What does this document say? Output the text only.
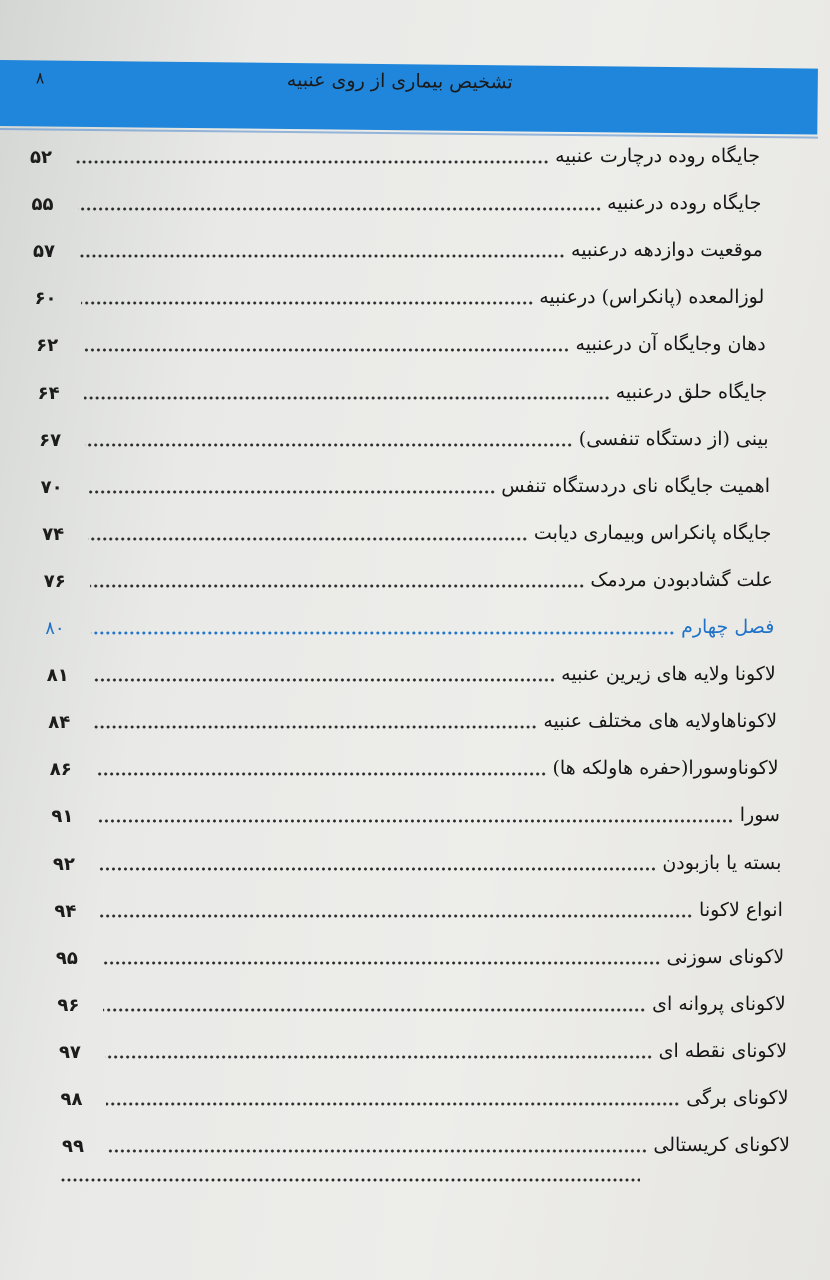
۸	تشخیص بیماری از روی عنبیه
جایگاه روده درچارت عنبیه
۵۲
جایگاه روده درعنبیه
۵۵
موقعیت دوازدهه درعنبیه
۵۷
لوزالمعده (پانکراس) درعنبیه
۶۰
دهان وجایگاه آن درعنبیه
۶۲
جایگاه حلق درعنبیه
۶۴
بینی (از دستگاه تنفسی)
۶۷
اهمیت جایگاه نای دردستگاه تنفس
۷۰
جایگاه پانکراس وبیماری دیابت
۷۴
علت گشادبودن مردمک
۷۶
فصل چهارم
۸۰
لاکونا ولایه های زیرین عنبیه
۸۱
لاکوناهاولایه های مختلف عنبیه
۸۴
لاکوناوسورا(حفره هاولکه ها)
۸۶
سورا
۹۱
بسته یا بازبودن
۹۲
انواع لاکونا
۹۴
لاکونای سوزنی
۹۵
لاکونای پروانه ای
۹۶
لاکونای نقطه ای
۹۷
لاکونای برگی
۹۸
لاکونای کریستالی
۹۹
